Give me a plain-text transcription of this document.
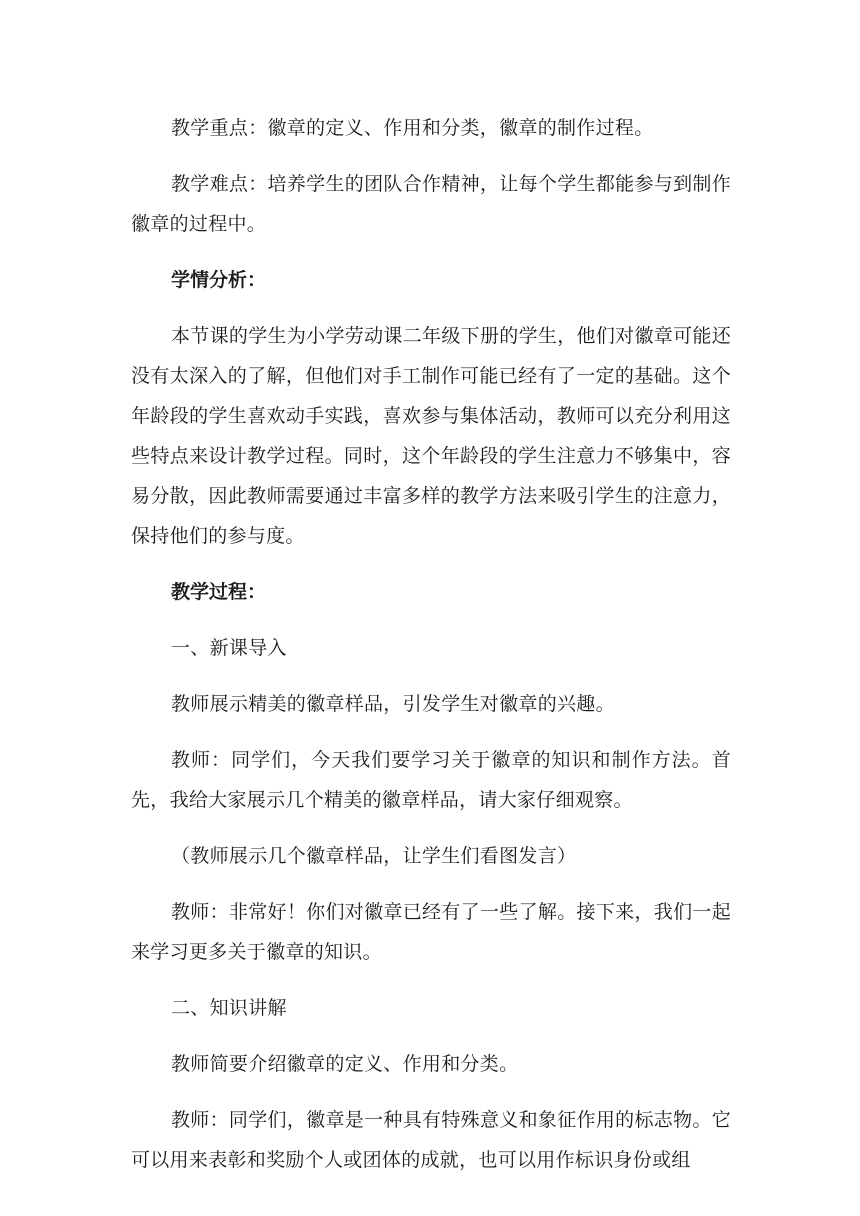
教学重点：徽章的定义、作用和分类，徽章的制作过程。

教学难点：培养学生的团队合作精神，让每个学生都能参与到制作徽章的过程中。

学情分析：

本节课的学生为小学劳动课二年级下册的学生，他们对徽章可能还没有太深入的了解，但他们对手工制作可能已经有了一定的基础。这个年龄段的学生喜欢动手实践，喜欢参与集体活动，教师可以充分利用这些特点来设计教学过程。同时，这个年龄段的学生注意力不够集中，容易分散，因此教师需要通过丰富多样的教学方法来吸引学生的注意力，保持他们的参与度。

教学过程：

一、新课导入

教师展示精美的徽章样品，引发学生对徽章的兴趣。

教师：同学们，今天我们要学习关于徽章的知识和制作方法。首先，我给大家展示几个精美的徽章样品，请大家仔细观察。

（教师展示几个徽章样品，让学生们看图发言）

教师：非常好！你们对徽章已经有了一些了解。接下来，我们一起来学习更多关于徽章的知识。

二、知识讲解

教师简要介绍徽章的定义、作用和分类。

教师：同学们，徽章是一种具有特殊意义和象征作用的标志物。它可以用来表彰和奖励个人或团体的成就，也可以用作标识身份或组
